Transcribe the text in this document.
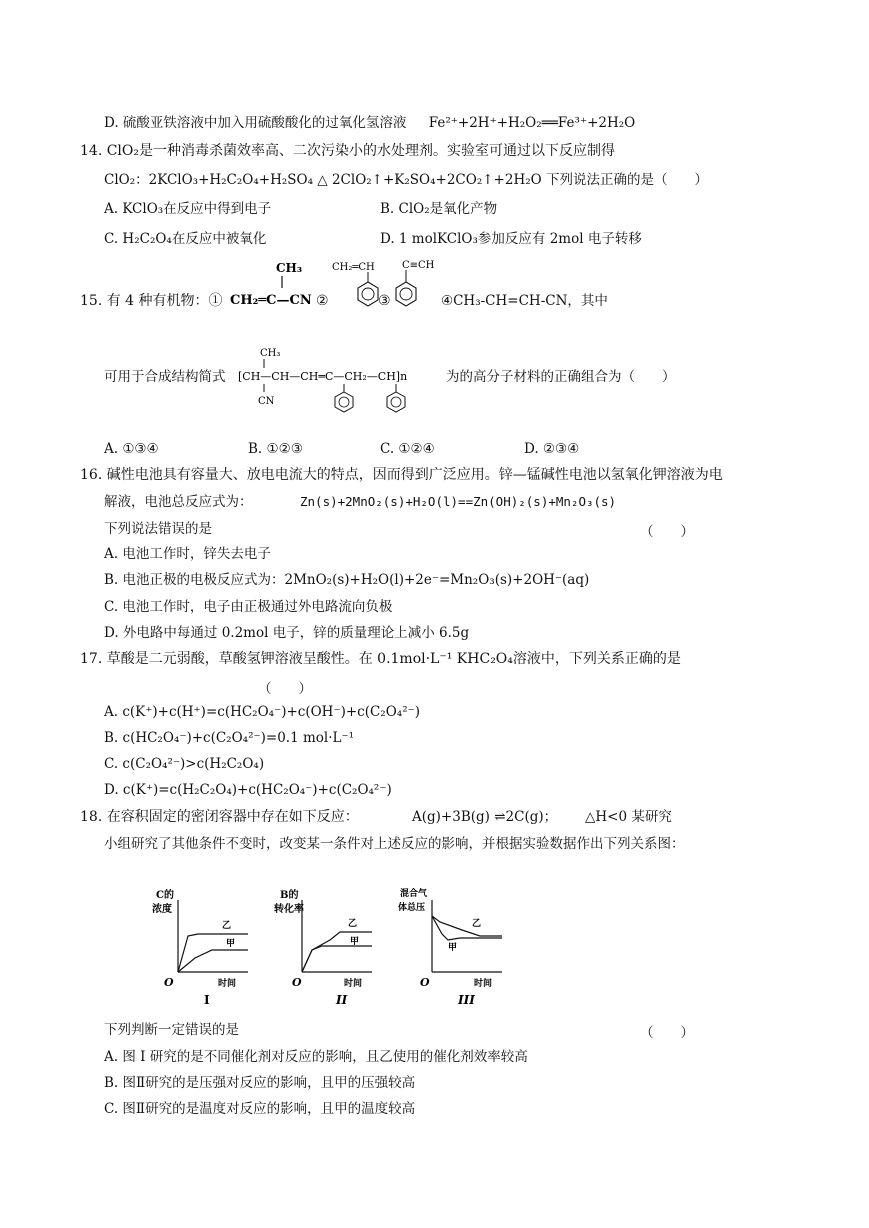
D. 硫酸亚铁溶液中加入用硫酸酸化的过氧化氢溶液 Fe²⁺+2H⁺+H₂O₂══Fe³⁺+2H₂O
14. ClO₂是一种消毒杀菌效率高、二次污染小的水处理剂。实验室可通过以下反应制得
ClO₂：2KClO₃+H₂C₂O₄+H₂SO₄ △ 2ClO₂↑+K₂SO₄+2CO₂↑+2H₂O 下列说法正确的是（　　）
A. KClO₃在反应中得到电子	B. ClO₂是氧化产物
C. H₂C₂O₄在反应中被氧化	D. 1 molKClO₃参加反应有 2mol 电子转移
15. 有 4 种有机物：①
CH₃
CH₂═C—CN ②
CH₂═CH
③
C≡CH
④CH₃-CH=CH-CN，其中
可用于合成结构简式
CH₃
[CH—CH—CH═C—CH₂—CH]n
CN
为的高分子材料的正确组合为（　　）
A. ①③④	B. ①②③	C. ①②④	D. ②③④
16. 碱性电池具有容量大、放电电流大的特点，因而得到广泛应用。锌—锰碱性电池以氢氧化钾溶液为电
解液，电池总反应式为：	Zn(s)+2MnO₂(s)+H₂O(l)==Zn(OH)₂(s)+Mn₂O₃(s)
下列说法错误的是	（　　）
A. 电池工作时，锌失去电子
B. 电池正极的电极反应式为：2MnO₂(s)+H₂O(l)+2e⁻=Mn₂O₃(s)+2OH⁻(aq)
C. 电池工作时，电子由正极通过外电路流向负极
D. 外电路中每通过 0.2mol 电子，锌的质量理论上减小 6.5g
17. 草酸是二元弱酸，草酸氢钾溶液呈酸性。在 0.1mol·L⁻¹ KHC₂O₄溶液中，下列关系正确的是
（　　）
A. c(K⁺)+c(H⁺)=c(HC₂O₄⁻)+c(OH⁻)+c(C₂O₄²⁻)
B. c(HC₂O₄⁻)+c(C₂O₄²⁻)=0.1 mol·L⁻¹
C. c(C₂O₄²⁻)>c(H₂C₂O₄)
D. c(K⁺)=c(H₂C₂O₄)+c(HC₂O₄⁻)+c(C₂O₄²⁻)
18. 在容积固定的密闭容器中存在如下反应：	A(g)+3B(g) ⇌2C(g)； △H<0 某研究
小组研究了其他条件不变时，改变某一条件对上述反应的影响，并根据实验数据作出下列关系图：
C的
浓度
乙
甲
O	时间
I
B的
转化率
乙
甲
O	时间
II
混合气
体总压
乙
甲
O	时间
III
下列判断一定错误的是	（　　）
A. 图 I 研究的是不同催化剂对反应的影响，且乙使用的催化剂效率较高
B. 图Ⅱ研究的是压强对反应的影响，且甲的压强较高
C. 图Ⅱ研究的是温度对反应的影响，且甲的温度较高
